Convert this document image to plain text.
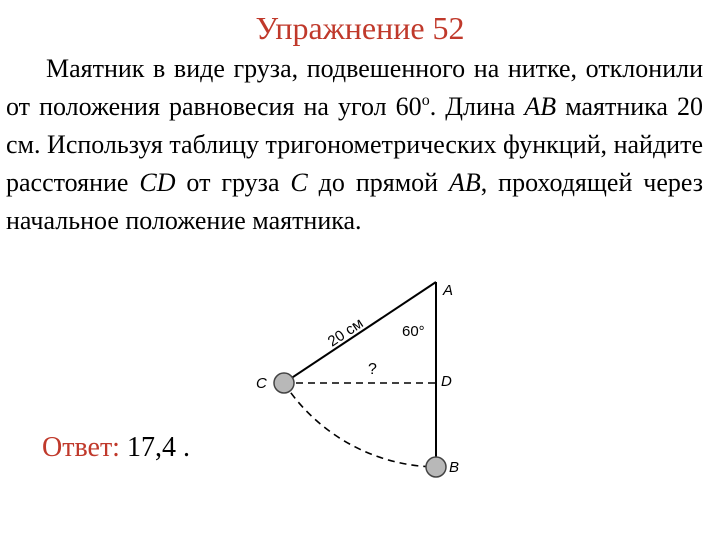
Упражнение 52
Маятник в виде груза, подвешенного на нитке, отклонили от положения равновесия на угол 60$^o$. Длина AB маятника 20 см. Используя таблицу тригонометрических функций, найдите расстояние CD от груза C до прямой AB, проходящей через начальное положение маятника.
A
B
C	D
60°
?
20 см
Ответ: 17,4 .
